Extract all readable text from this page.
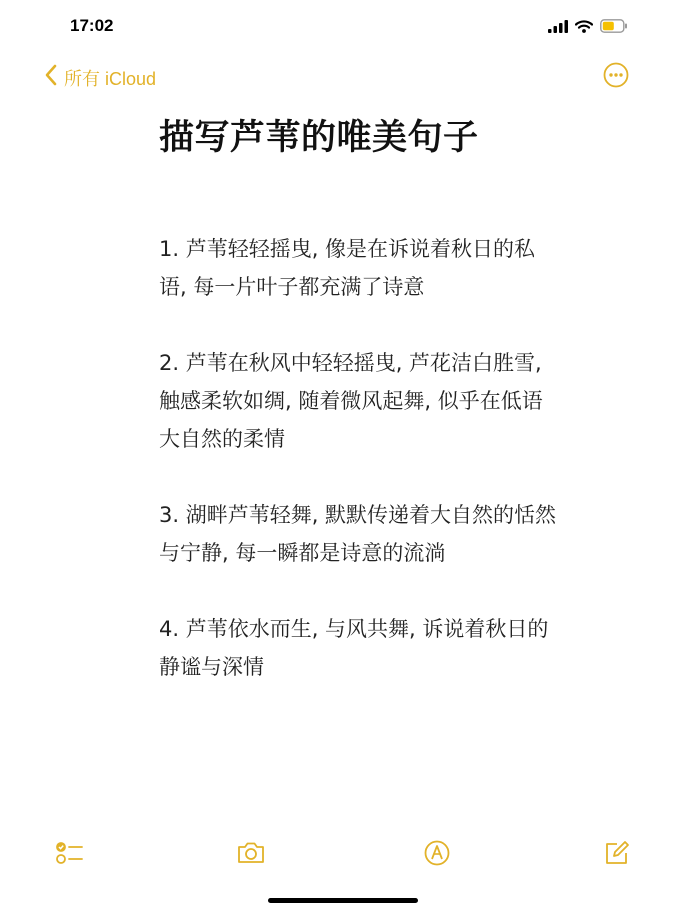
17:02
所有 iCloud
描写芦苇的唯美句子

1. 芦苇轻轻摇曳, 像是在诉说着秋日的私语, 每一片叶子都充满了诗意

2. 芦苇在秋风中轻轻摇曳, 芦花洁白胜雪, 触感柔软如绸, 随着微风起舞, 似乎在低语大自然的柔情

3. 湖畔芦苇轻舞, 默默传递着大自然的恬然与宁静, 每一瞬都是诗意的流淌

4. 芦苇依水而生, 与风共舞, 诉说着秋日的静谧与深情
